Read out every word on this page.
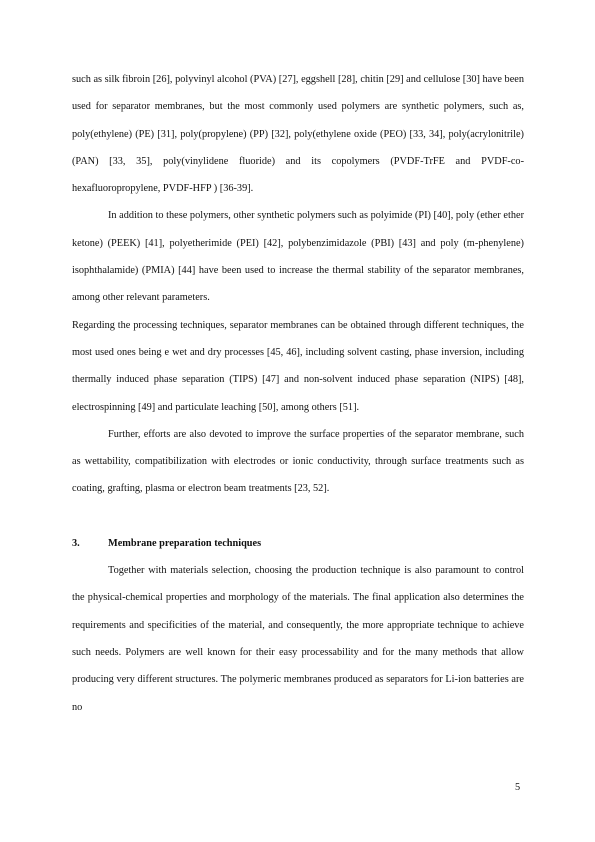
such as silk fibroin [26], polyvinyl alcohol (PVA) [27], eggshell [28], chitin [29] and cellulose [30] have been used for separator membranes, but the most commonly used polymers are synthetic polymers, such as, poly(ethylene) (PE) [31], poly(propylene) (PP) [32], poly(ethylene oxide (PEO) [33, 34], poly(acrylonitrile) (PAN) [33, 35], poly(vinylidene fluoride) and its copolymers (PVDF-TrFE and PVDF-co-hexafluoropropylene, PVDF-HFP ) [36-39].

In addition to these polymers, other synthetic polymers such as polyimide (PI) [40], poly (ether ether ketone) (PEEK) [41], polyetherimide (PEI) [42], polybenzimidazole (PBI) [43] and poly (m-phenylene) isophthalamide) (PMIA) [44] have been used to increase the thermal stability of the separator membranes, among other relevant parameters.

Regarding the processing techniques, separator membranes can be obtained through different techniques, the most used ones being e wet and dry processes [45, 46], including solvent casting, phase inversion, including thermally induced phase separation (TIPS) [47] and non-solvent induced phase separation (NIPS) [48], electrospinning [49] and particulate leaching [50], among others [51].

Further, efforts are also devoted to improve the surface properties of the separator membrane, such as wettability, compatibilization with electrodes or ionic conductivity, through surface treatments such as coating, grafting, plasma or electron beam treatments [23, 52].

3.	Membrane preparation techniques

Together with materials selection, choosing the production technique is also paramount to control the physical-chemical properties and morphology of the materials. The final application also determines the requirements and specificities of the material, and consequently, the more appropriate technique to achieve such needs. Polymers are well known for their easy processability and for the many methods that allow producing very different structures. The polymeric membranes produced as separators for Li-ion batteries are no

5
